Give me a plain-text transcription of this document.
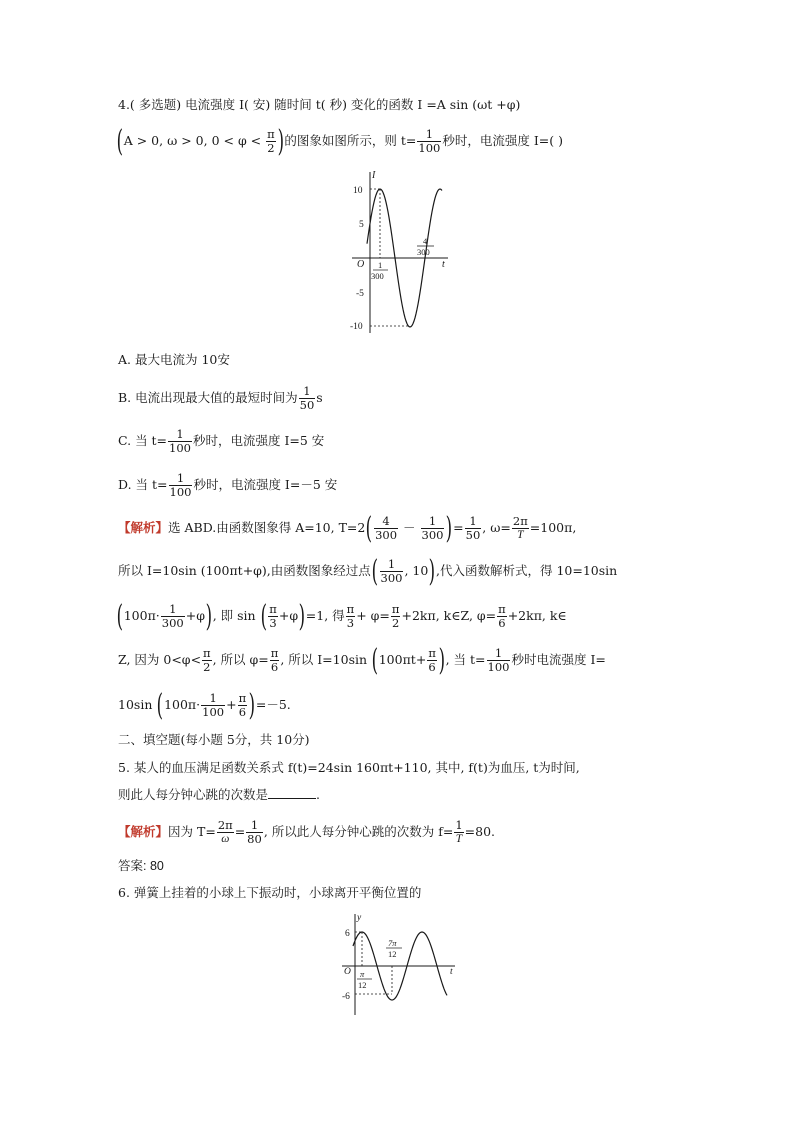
4.( 多选题) 电流强度 I( 安) 随时间 t( 秒) 变化的函数 I =A sin (ωt +φ)
(A > 0, ω > 0, $0 < \varphi < \frac{\pi}{2}$ )的图象如图所示，则 $t= \frac{1}{100}$ 秒时，电流强度 I=( )
I
t
O
10
5
-5
-10
1
300
4
300
A. 最大电流为 10安
B. 电流出现最大值的最短时间为 $\frac{1}{50}$ s
C. 当 $t= \frac{1}{100}$ 秒时，电流强度 I=5 安
D. 当 $t= \frac{1}{100}$ 秒时，电流强度 I=－5 安
【解析】选 ABD.由函数图象得 A=10, $T=2( \frac{4}{300} - \frac{1}{300}$ )= $\frac{1}{50}$ , $\omega= \frac{2\pi}{T} =100\pi$,
所以 I=10sin (100πt+φ),由函数图象经过点( $\frac{1}{300}$ , 10),代入函数解析式，得 10=10sin
$(100\pi\cdot \frac{1}{300} +\varphi)$, 即 sin ( $\frac{\pi}{3} +\varphi)=1$, 得 $\frac{\pi}{3} + \varphi= \frac{\pi}{2} +2k\pi$, k∈Z, $\varphi= \frac{\pi}{6} +2k\pi$, k∈
Z, 因为 $0<\varphi< \frac{\pi}{2}$ , 所以 $\varphi= \frac{\pi}{6}$ , 所以 I=10sin ($100\pi t+ \frac{\pi}{6}$ ), 当 $t= \frac{1}{100}$ 秒时电流强度 I=
10sin $(100\pi\cdot \frac{1}{100} + \frac{\pi}{6} )=-5$.
二、填空题(每小题 5分，共 10分)
5. 某人的血压满足函数关系式 f(t)=24sin 160πt+110, 其中, f(t)为血压, t为时间,
则此人每分钟心跳的次数是	.
【解析】因为 $T= \frac{2\pi}{\omega} = \frac{1}{80}$ , 所以此人每分钟心跳的次数为 $f= \frac{1}{T} =80$.
答案: 80
6. 弹簧上挂着的小球上下振动时，小球离开平衡位置的
y
t
O
6
-6
π
12
7π
12
